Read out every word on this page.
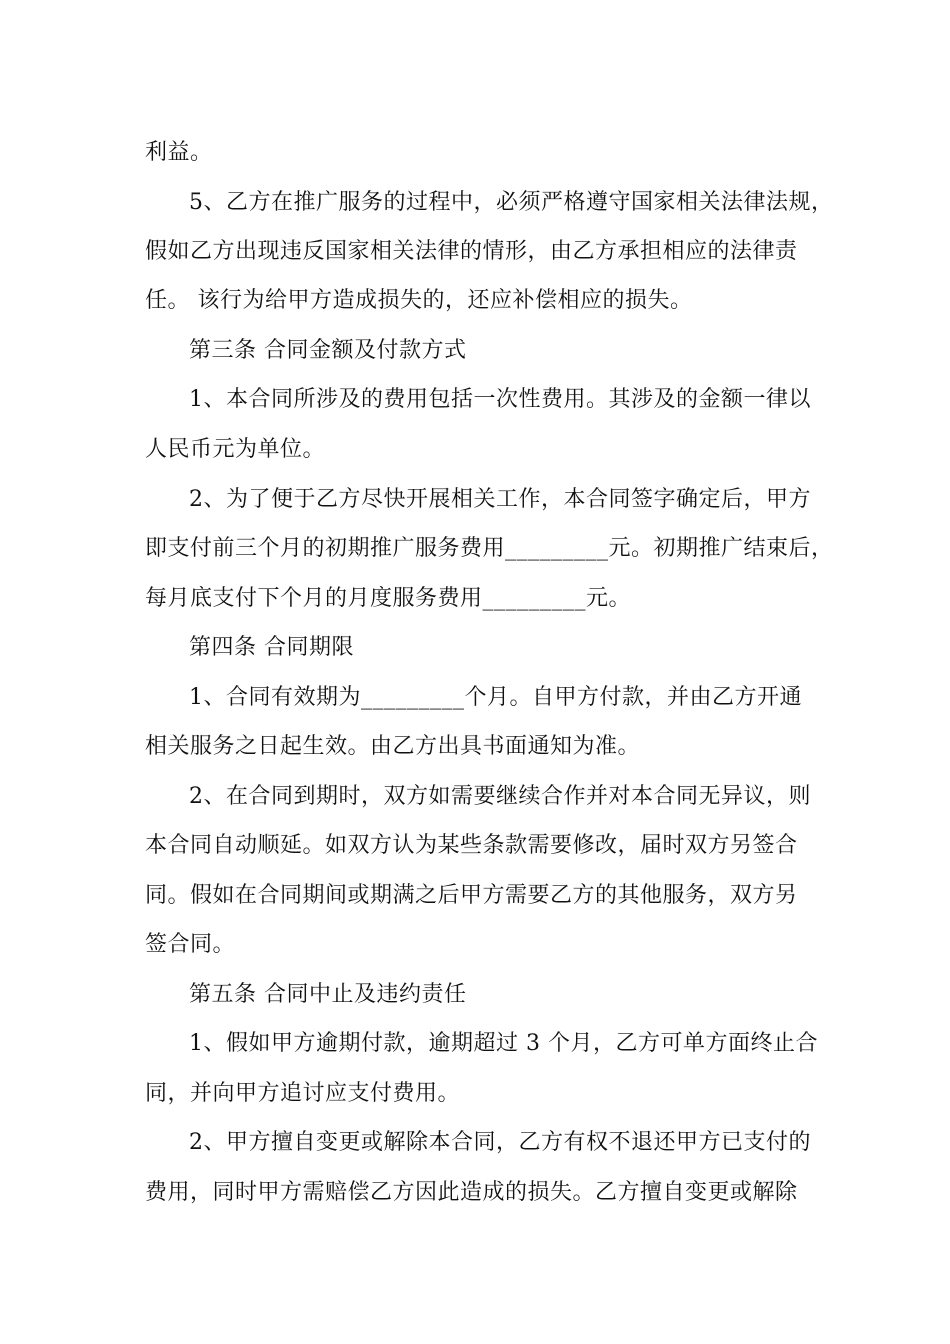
利益。
5、乙方在推广服务的过程中，必须严格遵守国家相关法律法规，
假如乙方出现违反国家相关法律的情形，由乙方承担相应的法律责
任。 该行为给甲方造成损失的，还应补偿相应的损失。
第三条 合同金额及付款方式
1、本合同所涉及的费用包括一次性费用。其涉及的金额一律以
人民币元为单位。
2、为了便于乙方尽快开展相关工作，本合同签字确定后，甲方
即支付前三个月的初期推广服务费用_________元。初期推广结束后，
每月底支付下个月的月度服务费用_________元。
第四条 合同期限
1、合同有效期为_________个月。自甲方付款，并由乙方开通
相关服务之日起生效。由乙方出具书面通知为准。
2、在合同到期时，双方如需要继续合作并对本合同无异议，则
本合同自动顺延。如双方认为某些条款需要修改，届时双方另签合
同。假如在合同期间或期满之后甲方需要乙方的其他服务，双方另
签合同。
第五条 合同中止及违约责任
1、假如甲方逾期付款，逾期超过 3 个月，乙方可单方面终止合
同，并向甲方追讨应支付费用。
2、甲方擅自变更或解除本合同，乙方有权不退还甲方已支付的
费用，同时甲方需赔偿乙方因此造成的损失。乙方擅自变更或解除
